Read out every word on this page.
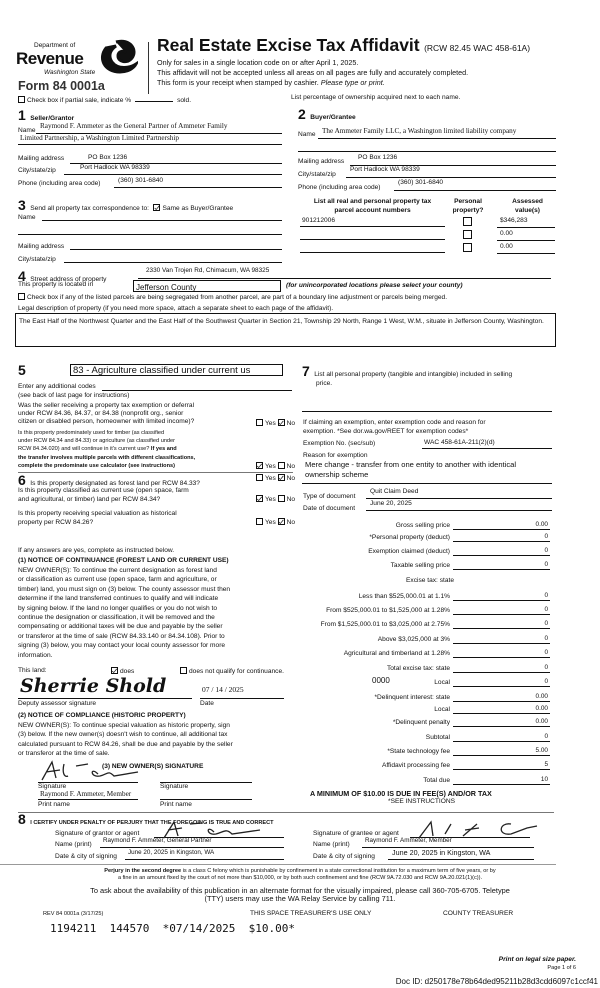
Department of
Revenue
Washington State
Form 84 0001a
Real Estate Excise Tax Affidavit (RCW 82.45 WAC 458-61A)
Only for sales in a single location code on or after April 1, 2025.
This affidavit will not be accepted unless all areas on all pages are fully and accurately completed.
This form is your receipt when stamped by cashier. Please type or print.
Check box if partial sale, indicate %	sold.	List percentage of ownership acquired next to each name.
1 Seller/Grantor
Name
Raymond F. Ammeter as the General Partner of Ammeter Family
Limited Partnership, a Washington Limited Partnership
Mailing address	PO Box 1236
City/state/zip	Port Hadlock WA 98339
Phone (including area code)	(360) 301-6840
2 Buyer/Grantee
Name The Ammeter Family LLC, a Washington limited liability company
Mailing address
PO Box 1236
City/state/zip
Port Hadlock WA 98339
Phone (including area code)
(360) 301-6840
3 Send all property tax correspondence to: Same as Buyer/Grantee
Name
Mailing address
City/state/zip
List all real and personal property tax
parcel account numbers
Personal
property?
Assessed
value(s)
901212006	$346,283
0.00
0.00
4 Street address of property
2330 Van Trojen Rd, Chimacum, WA 98325
This property is located in	Jefferson County	(for unincorporated locations please select your county)
Check box if any of the listed parcels are being segregated from another parcel, are part of a boundary line adjustment or parcels being merged.
Legal description of property (if you need more space, attach a separate sheet to each page of the affidavit).
The East Half of the Northwest Quarter and the East Half of the Southwest Quarter in Section 21, Township 29 North, Range 1 West, W.M., situate in Jefferson County, Washington.
5	83 - Agriculture classified under current us
Enter any additional codes
(see back of last page for instructions)
Was the seller receiving a property tax exemption or deferral
under RCW 84.36, 84.37, or 84.38 (nonprofit org., senior
citizen or disabled person, homeowner with limited income)?	Yes No
Is this property predominately used for timber (as classified
under RCW 84.34 and 84.33) or agriculture (as classified under
RCW 84.34.020) and will continue in it's current use? If yes and
the transfer involves multiple parcels with different classifications,
complete the predominate use calculator (see instructions)	Yes No
6 Is this property designated as forest land per RCW 84.33?
Yes No
Is this property classified as current use (open space, farm
and agricultural, or timber) land per RCW 84.34?	Yes No
Is this property receiving special valuation as historical
property per RCW 84.26?	Yes No
If any answers are yes, complete as instructed below.
(1) NOTICE OF CONTINUANCE (FOREST LAND OR CURRENT USE)
NEW OWNER(S): To continue the current designation as forest land
or classification as current use (open space, farm and agriculture, or
timber) land, you must sign on (3) below. The county assessor must then
determine if the land transferred continues to qualify and will indicate
by signing below. If the land no longer qualifies or you do not wish to
continue the designation or classification, it will be removed and the
compensating or additional taxes will be due and payable by the seller
or transferor at the time of sale (RCW 84.33.140 or 84.34.108). Prior to
signing (3) below, you may contact your local county assessor for more
information.
This land:	does	does not qualify for continuance.
Sherrie Shold	07 / 14 / 2025
Deputy assessor signature	Date
(2) NOTICE OF COMPLIANCE (HISTORIC PROPERTY)
NEW OWNER(S): To continue special valuation as historic property, sign
(3) below. If the new owner(s) doesn't wish to continue, all additional tax
calculated pursuant to RCW 84.26, shall be due and payable by the seller
or transferor at the time of sale.
(3) NEW OWNER(S) SIGNATURE
Signature	Signature
Raymond F. Ammeter, Member
Print name	Print name
7 List all personal property (tangible and intangible) included in selling
price.
If claiming an exemption, enter exemption code and reason for
exemption. *See dor.wa.gov/REET for exemption codes*
Exemption No. (sec/sub)	WAC 458-61A-211(2)(d)
Reason for exemption
Mere change - transfer from one entity to another with identical ownership scheme
Type of document
Quit Claim Deed
Date of document
June 20, 2025
Gross selling price	0.00
*Personal property (deduct)	0
Exemption claimed (deduct)	0
Taxable selling price	0
Excise tax: state
Less than $525,000.01 at 1.1%	0
From $525,000.01 to $1,525,000 at 1.28%	0
From $1,525,000.01 to $3,025,000 at 2.75%	0
Above $3,025,000 at 3%	0
Agricultural and timberland at 1.28%	0
Total excise tax: state	0
Local	0
0000
*Delinquent interest: state	0.00
Local	0.00
*Delinquent penalty	0.00
Subtotal	0
*State technology fee	5.00
Affidavit processing fee	5
Total due	10
A MINIMUM OF $10.00 IS DUE IN FEE(S) AND/OR TAX
*SEE INSTRUCTIONS
8 I CERTIFY UNDER PENALTY OF PERJURY THAT THE FOREGOING IS TRUE AND CORRECT
Signature of grantor or agent
Name (print)
Raymond F. Ammeter, General Partner
Date & city of signing
June 20, 2025 in Kingston, WA
Signature of grantee or agent
Name (print)
Raymond F. Ammeter, Member
Date & city of signing June 20, 2025 in Kingston, WA
Perjury in the second degree is a class C felony which is punishable by confinement in a state correctional institution for a maximum term of five years, or by
a fine in an amount fixed by the court of not more than $10,000, or by both such confinement and fine (RCW 9A.72.030 and RCW 9A.20.021(1)(c)).
To ask about the availability of this publication in an alternate format for the visually impaired, please call 360-705-6705. Teletype
(TTY) users may use the WA Relay Service by calling 711.
REV 84 0001a (3/17/25)	THIS SPACE TREASURER'S USE ONLY	COUNTY TREASURER
1194211  144570  *07/14/2025  $10.00*
Print on legal size paper.
Page 1 of 6
Doc ID: d250178e78b64ded95211b28d3cdd6097c1ccf41
